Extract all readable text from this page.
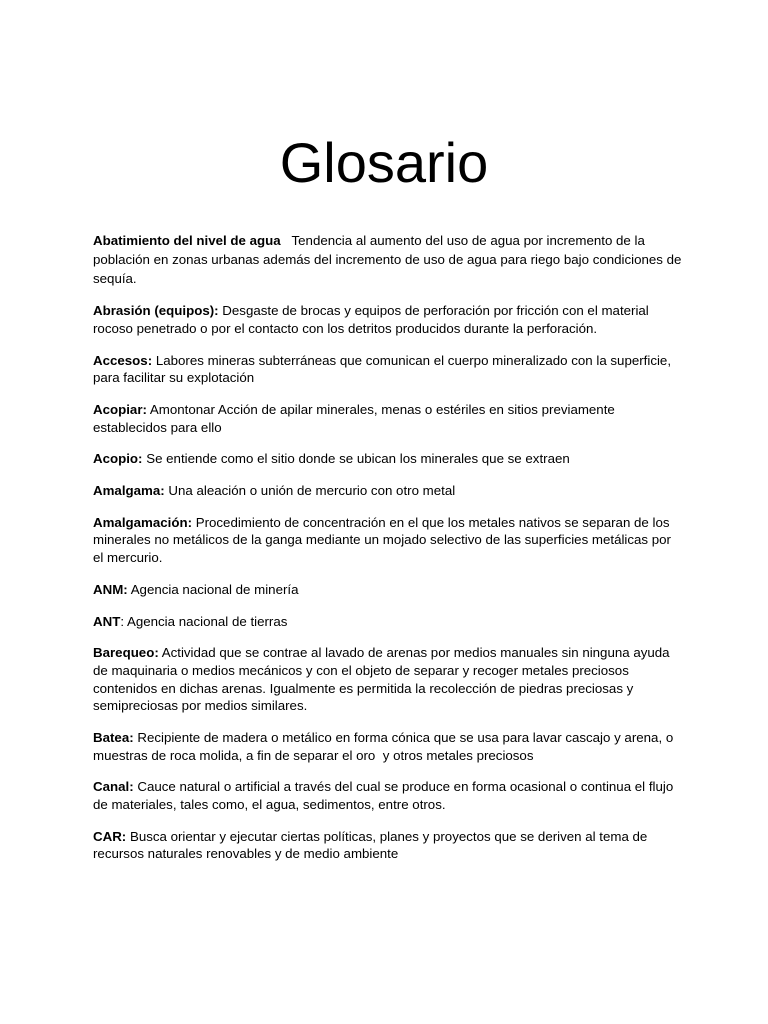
Glosario
Abatimiento del nivel de agua Tendencia al aumento del uso de agua por incremento de la población en zonas urbanas además del incremento de uso de agua para riego bajo condiciones de sequía.
Abrasión (equipos): Desgaste de brocas y equipos de perforación por fricción con el material rocoso penetrado o por el contacto con los detritos producidos durante la perforación.
Accesos: Labores mineras subterráneas que comunican el cuerpo mineralizado con la superficie, para facilitar su explotación
Acopiar: Amontonar Acción de apilar minerales, menas o estériles en sitios previamente establecidos para ello
Acopio: Se entiende como el sitio donde se ubican los minerales que se extraen
Amalgama: Una aleación o unión de mercurio con otro metal
Amalgamación: Procedimiento de concentración en el que los metales nativos se separan de los minerales no metálicos de la ganga mediante un mojado selectivo de las superficies metálicas por el mercurio.
ANM: Agencia nacional de minería
ANT: Agencia nacional de tierras
Barequeo: Actividad que se contrae al lavado de arenas por medios manuales sin ninguna ayuda de maquinaria o medios mecánicos y con el objeto de separar y recoger metales preciosos contenidos en dichas arenas. Igualmente es permitida la recolección de piedras preciosas y semipreciosas por medios similares.
Batea: Recipiente de madera o metálico en forma cónica que se usa para lavar cascajo y arena, o muestras de roca molida, a fin de separar el oro  y otros metales preciosos
Canal: Cauce natural o artificial a través del cual se produce en forma ocasional o continua el flujo de materiales, tales como, el agua, sedimentos, entre otros.
CAR: Busca orientar y ejecutar ciertas políticas, planes y proyectos que se deriven al tema de recursos naturales renovables y de medio ambiente
